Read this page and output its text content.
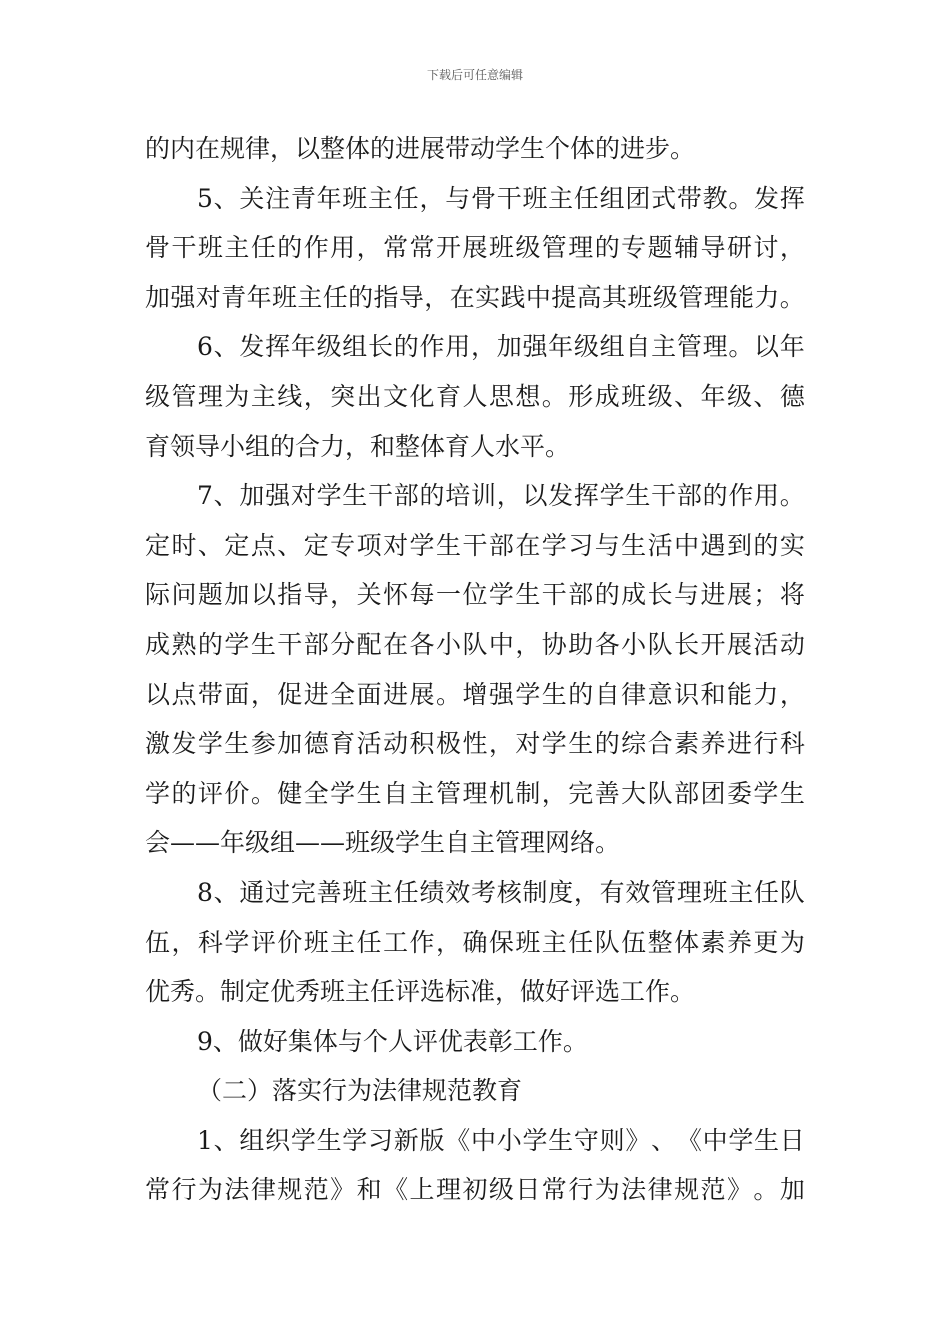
下载后可任意编辑
的内在规律，以整体的进展带动学生个体的进步。
5 、 关 注 青 年 班 主 任 ， 与 骨 干 班 主 任 组 团 式 带 教 。 发 挥
骨 干 班 主 任 的 作 用 ， 常 常 开 展 班 级 管 理 的 专 题 辅 导 研 讨 ，
加 强 对 青 年 班 主 任 的 指 导 ， 在 实 践 中 提 高 其 班 级 管 理 能 力 。
6 、 发 挥 年 级 组 长 的 作 用 ， 加 强 年 级 组 自 主 管 理 。 以 年
级 管 理 为 主 线 ， 突 出 文 化 育 人 思 想 。 形 成 班 级 、 年 级 、 德
育领导小组的合力，和整体育人水平。
7 、 加 强 对 学 生 干 部 的 培 训 ， 以 发 挥 学 生 干 部 的 作 用 。
定 时 、 定 点 、 定 专 项 对 学 生 干 部 在 学 习 与 生 活 中 遇 到 的 实
际 问 题 加 以 指 导 ， 关 怀 每 一 位 学 生 干 部 的 成 长 与 进 展 ； 将
成 熟 的 学 生 干 部 分 配 在 各 小 队 中 ， 协 助 各 小 队 长 开 展 活 动
以 点 带 面 ， 促 进 全 面 进 展 。 增 强 学 生 的 自 律 意 识 和 能 力 ，
激 发 学 生 参 加 德 育 活 动 积 极 性 ， 对 学 生 的 综 合 素 养 进 行 科
学 的 评 价 。 健 全 学 生 自 主 管 理 机 制 ， 完 善 大 队 部 团 委 学 生
会——年级组——班级学生自主管理网络。
8 、 通 过 完 善 班 主 任 绩 效 考 核 制 度 ， 有 效 管 理 班 主 任 队
伍 ， 科 学 评 价 班 主 任 工 作 ， 确 保 班 主 任 队 伍 整 体 素 养 更 为
优秀。制定优秀班主任评选标准，做好评选工作。
9、做好集体与个人评优表彰工作。
（二）落实行为法律规范教育
1 、 组 织 学 生 学 习 新 版 《 中 小 学 生 守 则 》 、 《 中 学 生 日
常 行 为 法 律 规 范 》 和 《 上 理 初 级 日 常 行 为 法 律 规 范 》 。 加
